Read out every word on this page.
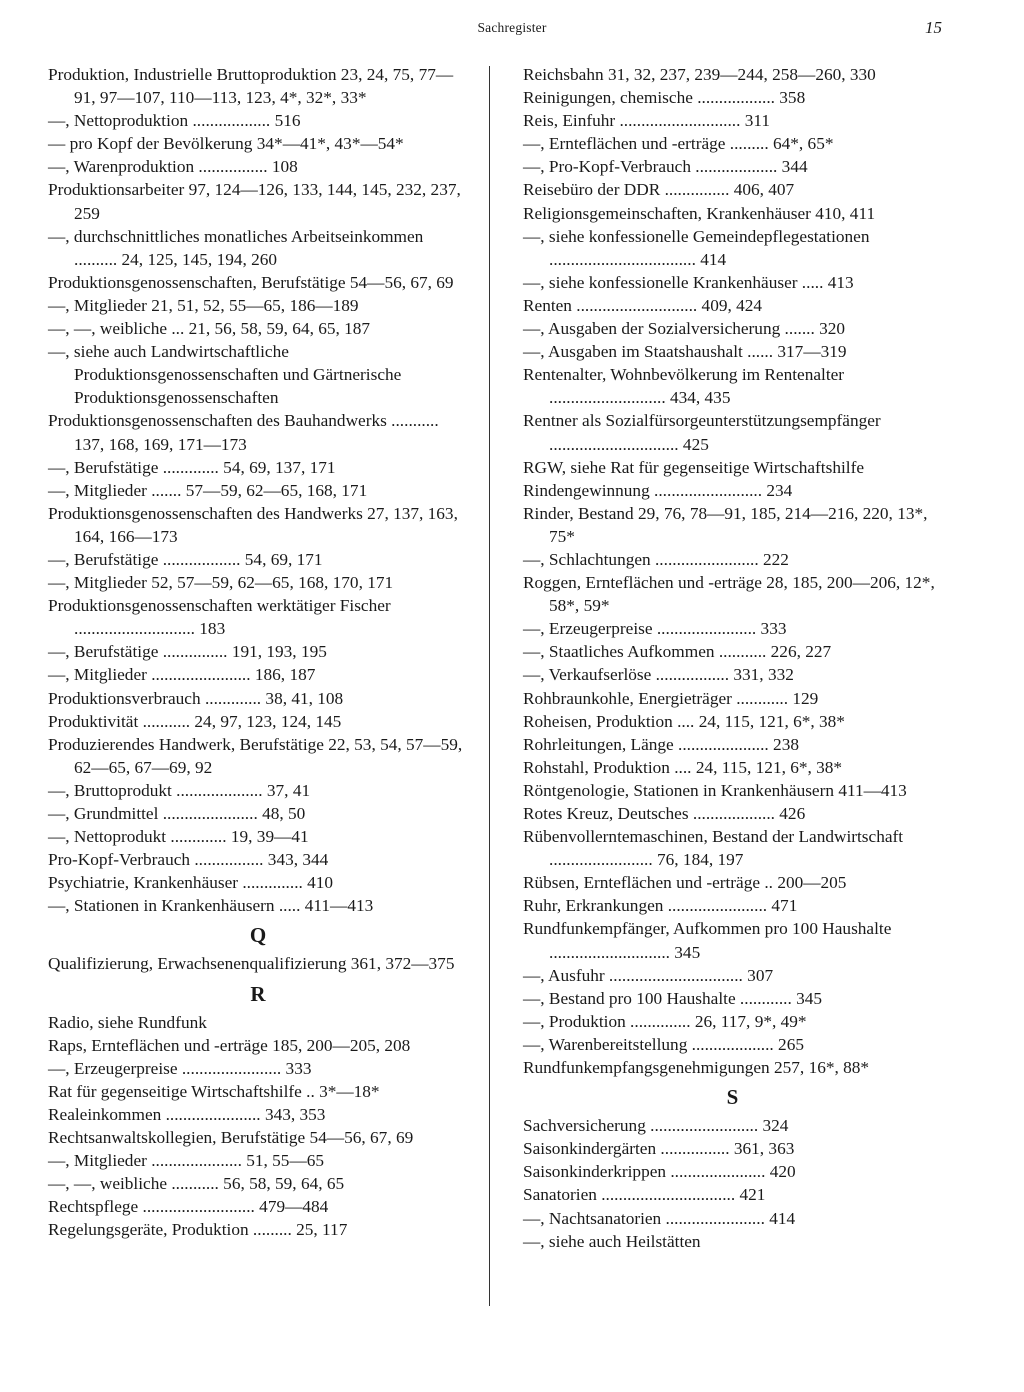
Sachregister	15
Produktion, Industrielle Bruttoproduktion 23, 24, 75, 77—91, 97—107, 110—113, 123, 4*, 32*, 33*
—, Nettoproduktion .................. 516
— pro Kopf der Bevölkerung 34*—41*, 43*—54*
—, Warenproduktion ................ 108
Produktionsarbeiter 97, 124—126, 133, 144, 145, 232, 237, 259
—, durchschnittliches monatliches Arbeitseinkommen .......... 24, 125, 145, 194, 260
Produktionsgenossenschaften, Berufstätige 54—56, 67, 69
—, Mitglieder 21, 51, 52, 55—65, 186—189
—, —, weibliche ... 21, 56, 58, 59, 64, 65, 187
—, siehe auch Landwirtschaftliche Produktionsgenossenschaften und Gärtnerische Produktionsgenossenschaften
Produktionsgenossenschaften des Bauhandwerks ........... 137, 168, 169, 171—173
—, Berufstätige ............. 54, 69, 137, 171
—, Mitglieder ....... 57—59, 62—65, 168, 171
Produktionsgenossenschaften des Handwerks 27, 137, 163, 164, 166—173
—, Berufstätige .................. 54, 69, 171
—, Mitglieder 52, 57—59, 62—65, 168, 170, 171
Produktionsgenossenschaften werktätiger Fischer ............................ 183
—, Berufstätige ............... 191, 193, 195
—, Mitglieder ....................... 186, 187
Produktionsverbrauch ............. 38, 41, 108
Produktivität ........... 24, 97, 123, 124, 145
Produzierendes Handwerk, Berufstätige 22, 53, 54, 57—59, 62—65, 67—69, 92
—, Bruttoprodukt .................... 37, 41
—, Grundmittel ...................... 48, 50
—, Nettoprodukt ............. 19, 39—41
Pro-Kopf-Verbrauch ................ 343, 344
Psychiatrie, Krankenhäuser .............. 410
—, Stationen in Krankenhäusern ..... 411—413
Q
Qualifizierung, Erwachsenenqualifizierung 361, 372—375
R
Radio, siehe Rundfunk
Raps, Ernteflächen und -erträge 185, 200—205, 208
—, Erzeugerpreise ....................... 333
Rat für gegenseitige Wirtschaftshilfe .. 3*—18*
Realeinkommen ...................... 343, 353
Rechtsanwaltskollegien, Berufstätige 54—56, 67, 69
—, Mitglieder ..................... 51, 55—65
—, —, weibliche ........... 56, 58, 59, 64, 65
Rechtspflege .......................... 479—484
Regelungsgeräte, Produktion ......... 25, 117
Reichsbahn 31, 32, 237, 239—244, 258—260, 330
Reinigungen, chemische .................. 358
Reis, Einfuhr ............................ 311
—, Ernteflächen und -erträge ......... 64*, 65*
—, Pro-Kopf-Verbrauch ................... 344
Reisebüro der DDR ............... 406, 407
Religionsgemeinschaften, Krankenhäuser 410, 411
—, siehe konfessionelle Gemeindepflegestationen .................................. 414
—, siehe konfessionelle Krankenhäuser ..... 413
Renten ............................ 409, 424
—, Ausgaben der Sozialversicherung ....... 320
—, Ausgaben im Staatshaushalt ...... 317—319
Rentenalter, Wohnbevölkerung im Rentenalter ........................... 434, 435
Rentner als Sozialfürsorgeunterstützungsempfänger .............................. 425
RGW, siehe Rat für gegenseitige Wirtschaftshilfe
Rindengewinnung ......................... 234
Rinder, Bestand 29, 76, 78—91, 185, 214—216, 220, 13*, 75*
—, Schlachtungen ........................ 222
Roggen, Ernteflächen und -erträge 28, 185, 200—206, 12*, 58*, 59*
—, Erzeugerpreise ....................... 333
—, Staatliches Aufkommen ........... 226, 227
—, Verkaufserlöse ................. 331, 332
Rohbraunkohle, Energieträger ............ 129
Roheisen, Produktion .... 24, 115, 121, 6*, 38*
Rohrleitungen, Länge ..................... 238
Rohstahl, Produktion .... 24, 115, 121, 6*, 38*
Röntgenologie, Stationen in Krankenhäusern 411—413
Rotes Kreuz, Deutsches ................... 426
Rübenvollerntemaschinen, Bestand der Landwirtschaft ........................ 76, 184, 197
Rübsen, Ernteflächen und -erträge .. 200—205
Ruhr, Erkrankungen ....................... 471
Rundfunkempfänger, Aufkommen pro 100 Haushalte ............................ 345
—, Ausfuhr ............................... 307
—, Bestand pro 100 Haushalte ............ 345
—, Produktion .............. 26, 117, 9*, 49*
—, Warenbereitstellung ................... 265
Rundfunkempfangsgenehmigungen 257, 16*, 88*
S
Sachversicherung ......................... 324
Saisonkindergärten ................ 361, 363
Saisonkinderkrippen ...................... 420
Sanatorien ............................... 421
—, Nachtsanatorien ....................... 414
—, siehe auch Heilstätten
